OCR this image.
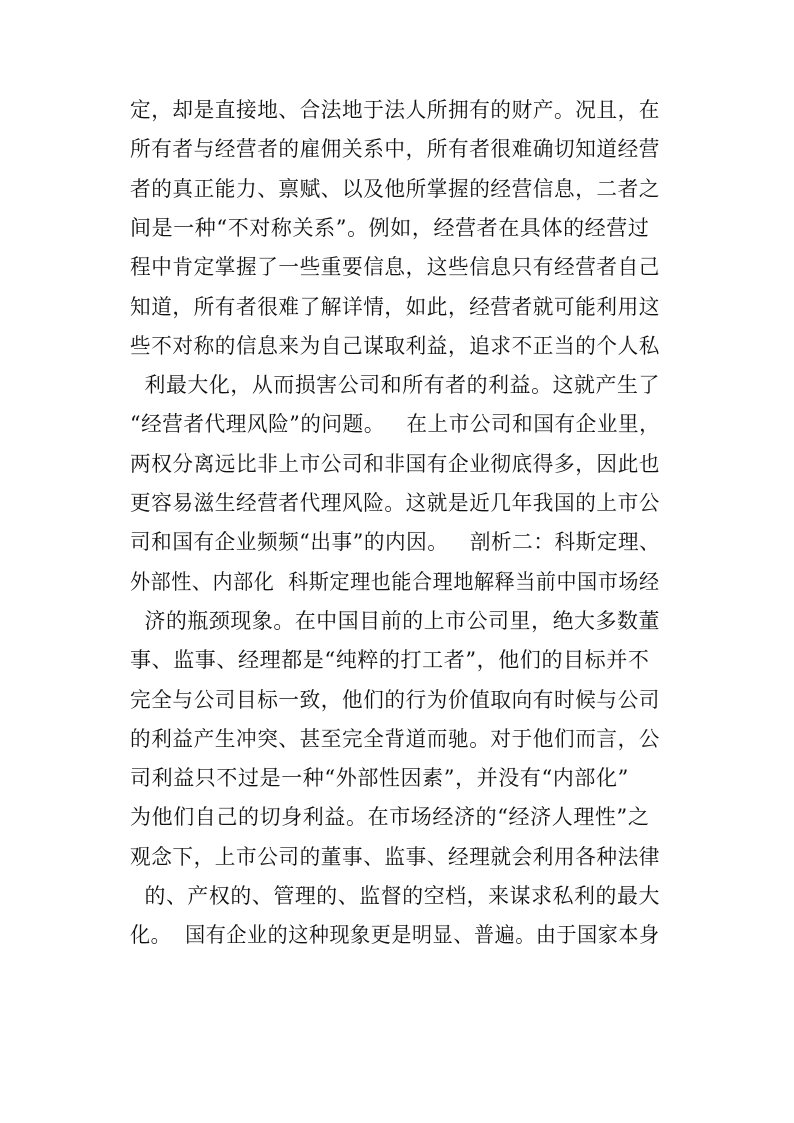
定，却是直接地、合法地于法人所拥有的财产。况且，在
所有者与经营者的雇佣关系中，所有者很难确切知道经营
者的真正能力、禀赋、以及他所掌握的经营信息，二者之
间是一种“不对称关系”。例如，经营者在具体的经营过
程中肯定掌握了一些重要信息，这些信息只有经营者自己
知道，所有者很难了解详情，如此，经营者就可能利用这
些不对称的信息来为自己谋取利益，追求不正当的个人私
利最大化，从而损害公司和所有者的利益。这就产生了
“经营者代理风险”的问题。   在上市公司和国有企业里，
两权分离远比非上市公司和非国有企业彻底得多，因此也
更容易滋生经营者代理风险。这就是近几年我国的上市公
司和国有企业频频“出事”的内因。   剖析二：科斯定理、
外部性、内部化  科斯定理也能合理地解释当前中国市场经
济的瓶颈现象。在中国目前的上市公司里，绝大多数董
事、监事、经理都是“纯粹的打工者”，他们的目标并不
完全与公司目标一致，他们的行为价值取向有时候与公司
的利益产生冲突、甚至完全背道而驰。对于他们而言，公
司利益只不过是一种“外部性因素”，并没有“内部化”
为他们自己的切身利益。在市场经济的“经济人理性”之
观念下，上市公司的董事、监事、经理就会利用各种法律
的、产权的、管理的、监督的空档，来谋求私利的最大
化。  国有企业的这种现象更是明显、普遍。由于国家本身
